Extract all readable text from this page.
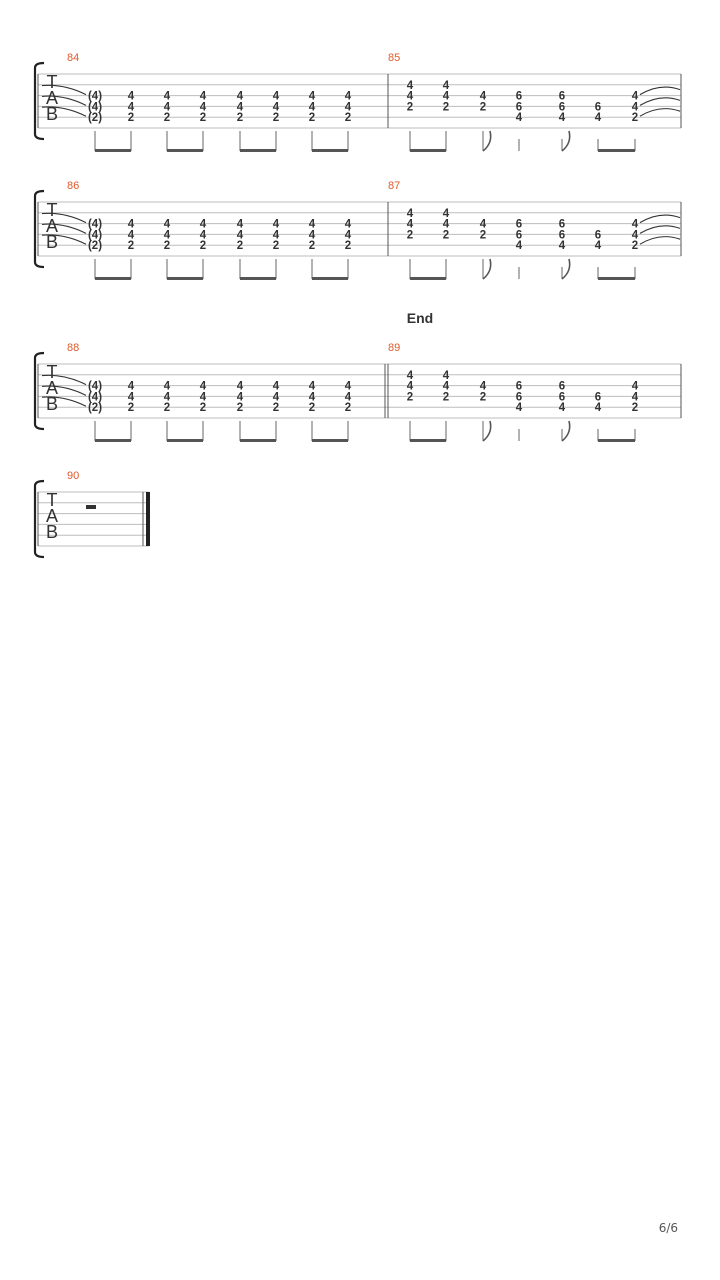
T
A
B
84
(4)
(4)
(2)
4
4
2
4
4
2
4
4
2
4
4
2
4
4
2
4
4
2
4
4
2
85
4
4
2
4
4
2
4
2
6
6
4
6
6
4
6
4
4
4
2
T
A
B
86
(4)
(4)
(2)
4
4
2
4
4
2
4
4
2
4
4
2
4
4
2
4
4
2
4
4
2
87
4
4
2
4
4
2
4
2
6
6
4
6
6
4
6
4
4
4
2
T
A
B
88
(4)
(4)
(2)
4
4
2
4
4
2
4
4
2
4
4
2
4
4
2
4
4
2
4
4
2
89
4
4
2
4
4
2
4
2
6
6
4
6
6
4
6
4
4
4
2
T
A
B
90
End
6/6
